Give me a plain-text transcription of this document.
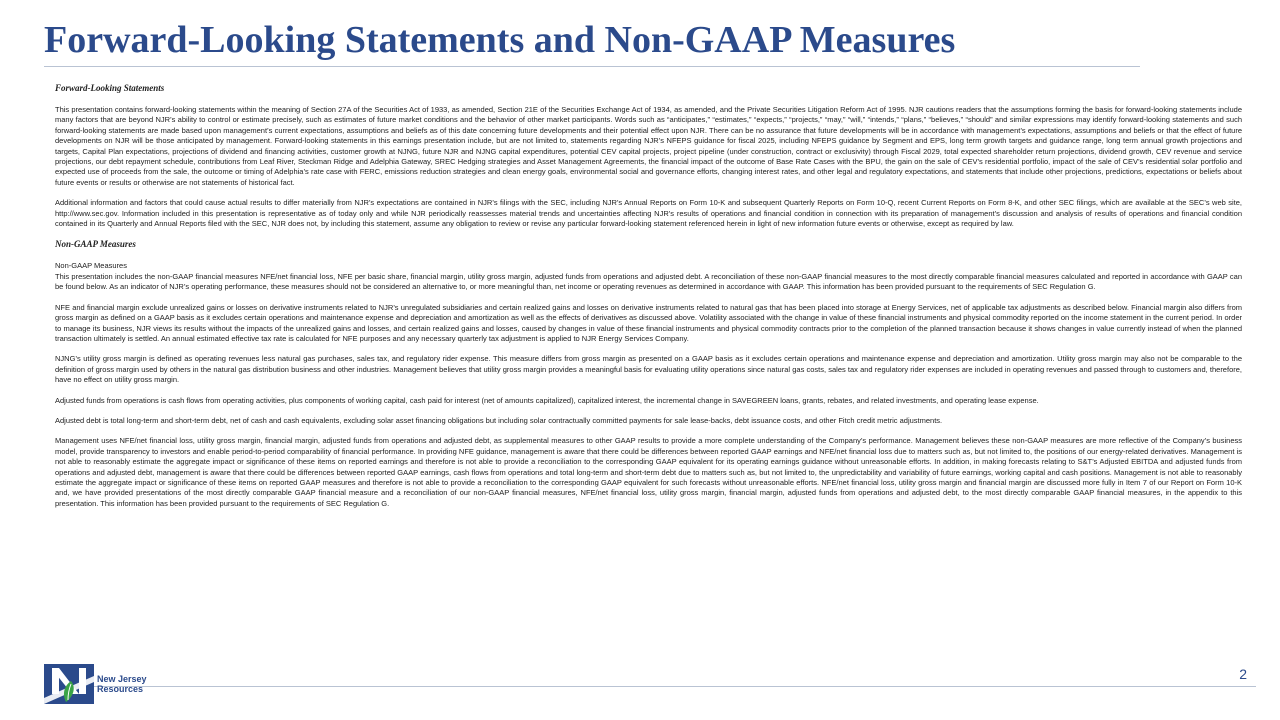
Forward-Looking Statements and Non-GAAP Measures

Forward-Looking Statements

This presentation contains forward-looking statements within the meaning of Section 27A of the Securities Act of 1933, as amended, Section 21E of the Securities Exchange Act of 1934, as amended, and the Private Securities Litigation Reform Act of 1995. NJR cautions readers that the assumptions forming the basis for forward-looking statements include many factors that are beyond NJR’s ability to control or estimate precisely, such as estimates of future market conditions and the behavior of other market participants. Words such as “anticipates,” “estimates,” “expects,” “projects,” “may,” “will,” “intends,” “plans,” “believes,” “should” and similar expressions may identify forward-looking statements and such forward-looking statements are made based upon management’s current expectations, assumptions and beliefs as of this date concerning future developments and their potential effect upon NJR. There can be no assurance that future developments will be in accordance with management’s expectations, assumptions and beliefs or that the effect of future developments on NJR will be those anticipated by management. Forward-looking statements in this earnings presentation include, but are not limited to, statements regarding NJR’s NFEPS guidance for fiscal 2025, including NFEPS guidance by Segment and EPS, long term growth targets and guidance range, long term annual growth projections and targets, Capital Plan expectations, projections of dividend and financing activities, customer growth at NJNG, future NJR and NJNG capital expenditures, potential CEV capital projects, project pipeline (under construction, contract or exclusivity) through Fiscal 2029, total expected shareholder return projections, dividend growth, CEV revenue and service projections, our debt repayment schedule, contributions from Leaf River, Steckman Ridge and Adelphia Gateway, SREC Hedging strategies and Asset Management Agreements, the financial impact of the outcome of Base Rate Cases with the BPU, the gain on the sale of CEV’s residential portfolio, impact of the sale of CEV’s residential solar portfolio and expected use of proceeds from the sale, the outcome or timing of Adelphia’s rate case with FERC, emissions reduction strategies and clean energy goals, environmental social and governance efforts, changing interest rates, and other legal and regulatory expectations, and statements that include other projections, predictions, expectations or beliefs about future events or results or otherwise are not statements of historical fact.

Additional information and factors that could cause actual results to differ materially from NJR’s expectations are contained in NJR’s filings with the SEC, including NJR’s Annual Reports on Form 10-K and subsequent Quarterly Reports on Form 10-Q, recent Current Reports on Form 8-K, and other SEC filings, which are available at the SEC’s web site, http://www.sec.gov. Information included in this presentation is representative as of today only and while NJR periodically reassesses material trends and uncertainties affecting NJR’s results of operations and financial condition in connection with its preparation of management’s discussion and analysis of results of operations and financial condition contained in its Quarterly and Annual Reports filed with the SEC, NJR does not, by including this statement, assume any obligation to review or revise any particular forward-looking statement referenced herein in light of new information future events or otherwise, except as required by law.

Non-GAAP Measures

Non-GAAP Measures

This presentation includes the non-GAAP financial measures NFE/net financial loss, NFE per basic share, financial margin, utility gross margin, adjusted funds from operations and adjusted debt. A reconciliation of these non-GAAP financial measures to the most directly comparable financial measures calculated and reported in accordance with GAAP can be found below. As an indicator of NJR’s operating performance, these measures should not be considered an alternative to, or more meaningful than, net income or operating revenues as determined in accordance with GAAP. This information has been provided pursuant to the requirements of SEC Regulation G.

NFE and financial margin exclude unrealized gains or losses on derivative instruments related to NJR’s unregulated subsidiaries and certain realized gains and losses on derivative instruments related to natural gas that has been placed into storage at Energy Services, net of applicable tax adjustments as described below. Financial margin also differs from gross margin as defined on a GAAP basis as it excludes certain operations and maintenance expense and depreciation and amortization as well as the effects of derivatives as discussed above. Volatility associated with the change in value of these financial instruments and physical commodity reported on the income statement in the current period. In order to manage its business, NJR views its results without the impacts of the unrealized gains and losses, and certain realized gains and losses, caused by changes in value of these financial instruments and physical commodity contracts prior to the completion of the planned transaction because it shows changes in value currently instead of when the planned transaction ultimately is settled. An annual estimated effective tax rate is calculated for NFE purposes and any necessary quarterly tax adjustment is applied to NJR Energy Services Company.

NJNG’s utility gross margin is defined as operating revenues less natural gas purchases, sales tax, and regulatory rider expense. This measure differs from gross margin as presented on a GAAP basis as it excludes certain operations and maintenance expense and depreciation and amortization. Utility gross margin may also not be comparable to the definition of gross margin used by others in the natural gas distribution business and other industries. Management believes that utility gross margin provides a meaningful basis for evaluating utility operations since natural gas costs, sales tax and regulatory rider expenses are included in operating revenues and passed through to customers and, therefore, have no effect on utility gross margin.

Adjusted funds from operations is cash flows from operating activities, plus components of working capital, cash paid for interest (net of amounts capitalized), capitalized interest, the incremental change in SAVEGREEN loans, grants, rebates, and related investments, and operating lease expense.

Adjusted debt is total long-term and short-term debt, net of cash and cash equivalents, excluding solar asset financing obligations but including solar contractually committed payments for sale lease-backs, debt issuance costs, and other Fitch credit metric adjustments.

Management uses NFE/net financial loss, utility gross margin, financial margin, adjusted funds from operations and adjusted debt, as supplemental measures to other GAAP results to provide a more complete understanding of the Company’s performance. Management believes these non-GAAP measures are more reflective of the Company’s business model, provide transparency to investors and enable period-to-period comparability of financial performance. In providing NFE guidance, management is aware that there could be differences between reported GAAP earnings and NFE/net financial loss due to matters such as, but not limited to, the positions of our energy-related derivatives. Management is not able to reasonably estimate the aggregate impact or significance of these items on reported earnings and therefore is not able to provide a reconciliation to the corresponding GAAP equivalent for its operating earnings guidance without unreasonable efforts. In addition, in making forecasts relating to S&T’s Adjusted EBITDA and adjusted funds from operations and adjusted debt, management is aware that there could be differences between reported GAAP earnings, cash flows from operations and total long-term and short-term debt due to matters such as, but not limited to, the unpredictability and variability of future earnings, working capital and cash positions. Management is not able to reasonably estimate the aggregate impact or significance of these items on reported GAAP measures and therefore is not able to provide a reconciliation to the corresponding GAAP equivalent for such forecasts without unreasonable efforts. NFE/net financial loss, utility gross margin and financial margin are discussed more fully in Item 7 of our Report on Form 10-K and, we have provided presentations of the most directly comparable GAAP financial measure and a reconciliation of our non-GAAP financial measures, NFE/net financial loss, utility gross margin, financial margin, adjusted funds from operations and adjusted debt, to the most directly comparable GAAP financial measures, in the appendix to this presentation. This information has been provided pursuant to the requirements of SEC Regulation G.

New Jersey
Resources
2
